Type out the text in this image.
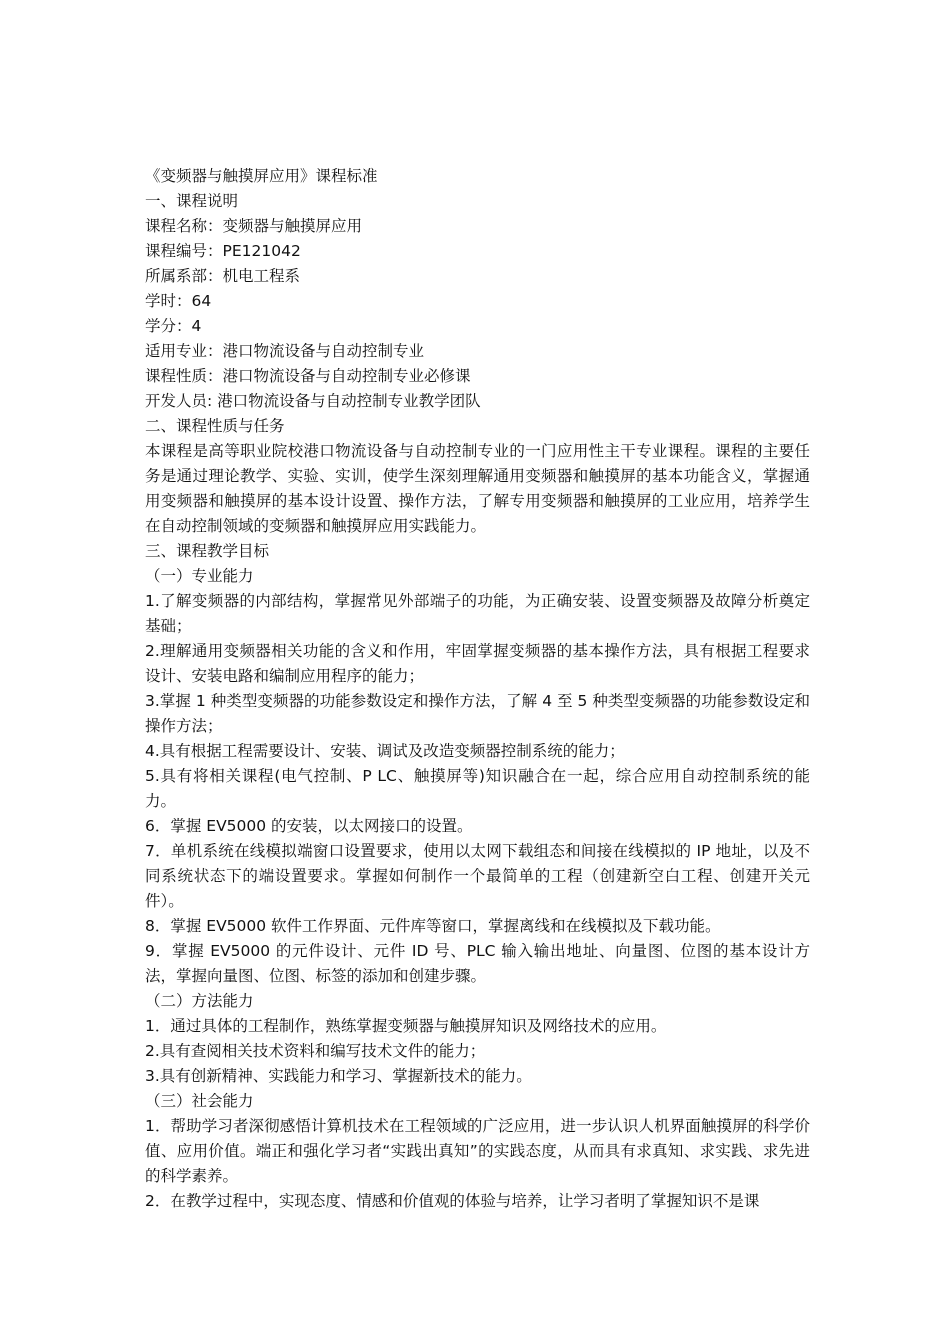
《变频器与触摸屏应用》课程标准
一、课程说明
课程名称：变频器与触摸屏应用
课程编号：PE121042
所属系部：机电工程系
学时：64
学分：4
适用专业：港口物流设备与自动控制专业
课程性质：港口物流设备与自动控制专业必修课
开发人员: 港口物流设备与自动控制专业教学团队
二、课程性质与任务
本课程是高等职业院校港口物流设备与自动控制专业的一门应用性主干专业课程。课程的主要任务是通过理论教学、实验、实训，使学生深刻理解通用变频器和触摸屏的基本功能含义，掌握通用变频器和触摸屏的基本设计设置、操作方法，了解专用变频器和触摸屏的工业应用，培养学生在自动控制领域的变频器和触摸屏应用实践能力。
三、课程教学目标
（一）专业能力
1.了解变频器的内部结构，掌握常见外部端子的功能，为正确安装、设置变频器及故障分析奠定基础；
2.理解通用变频器相关功能的含义和作用，牢固掌握变频器的基本操作方法，具有根据工程要求设计、安装电路和编制应用程序的能力；
3.掌握 1 种类型变频器的功能参数设定和操作方法，了解 4 至 5 种类型变频器的功能参数设定和操作方法；
4.具有根据工程需要设计、安装、调试及改造变频器控制系统的能力；
5.具有将相关课程(电气控制、P LC、触摸屏等)知识融合在一起，综合应用自动控制系统的能力。
6．掌握 EV5000 的安装，以太网接口的设置。
7．单机系统在线模拟端窗口设置要求，使用以太网下载组态和间接在线模拟的 IP 地址，以及不同系统状态下的端设置要求。掌握如何制作一个最简单的工程（创建新空白工程、创建开关元件）。
8．掌握 EV5000 软件工作界面、元件库等窗口，掌握离线和在线模拟及下载功能。
9．掌握 EV5000 的元件设计、元件 ID 号、PLC 输入输出地址、向量图、位图的基本设计方法，掌握向量图、位图、标签的添加和创建步骤。
（二）方法能力
1．通过具体的工程制作，熟练掌握变频器与触摸屏知识及网络技术的应用。
2.具有查阅相关技术资料和编写技术文件的能力；
3.具有创新精神、实践能力和学习、掌握新技术的能力。
（三）社会能力
1．帮助学习者深彻感悟计算机技术在工程领域的广泛应用，进一步认识人机界面触摸屏的科学价值、应用价值。端正和强化学习者“实践出真知”的实践态度，从而具有求真知、求实践、求先进的科学素养。
2．在教学过程中，实现态度、情感和价值观的体验与培养，让学习者明了掌握知识不是课
